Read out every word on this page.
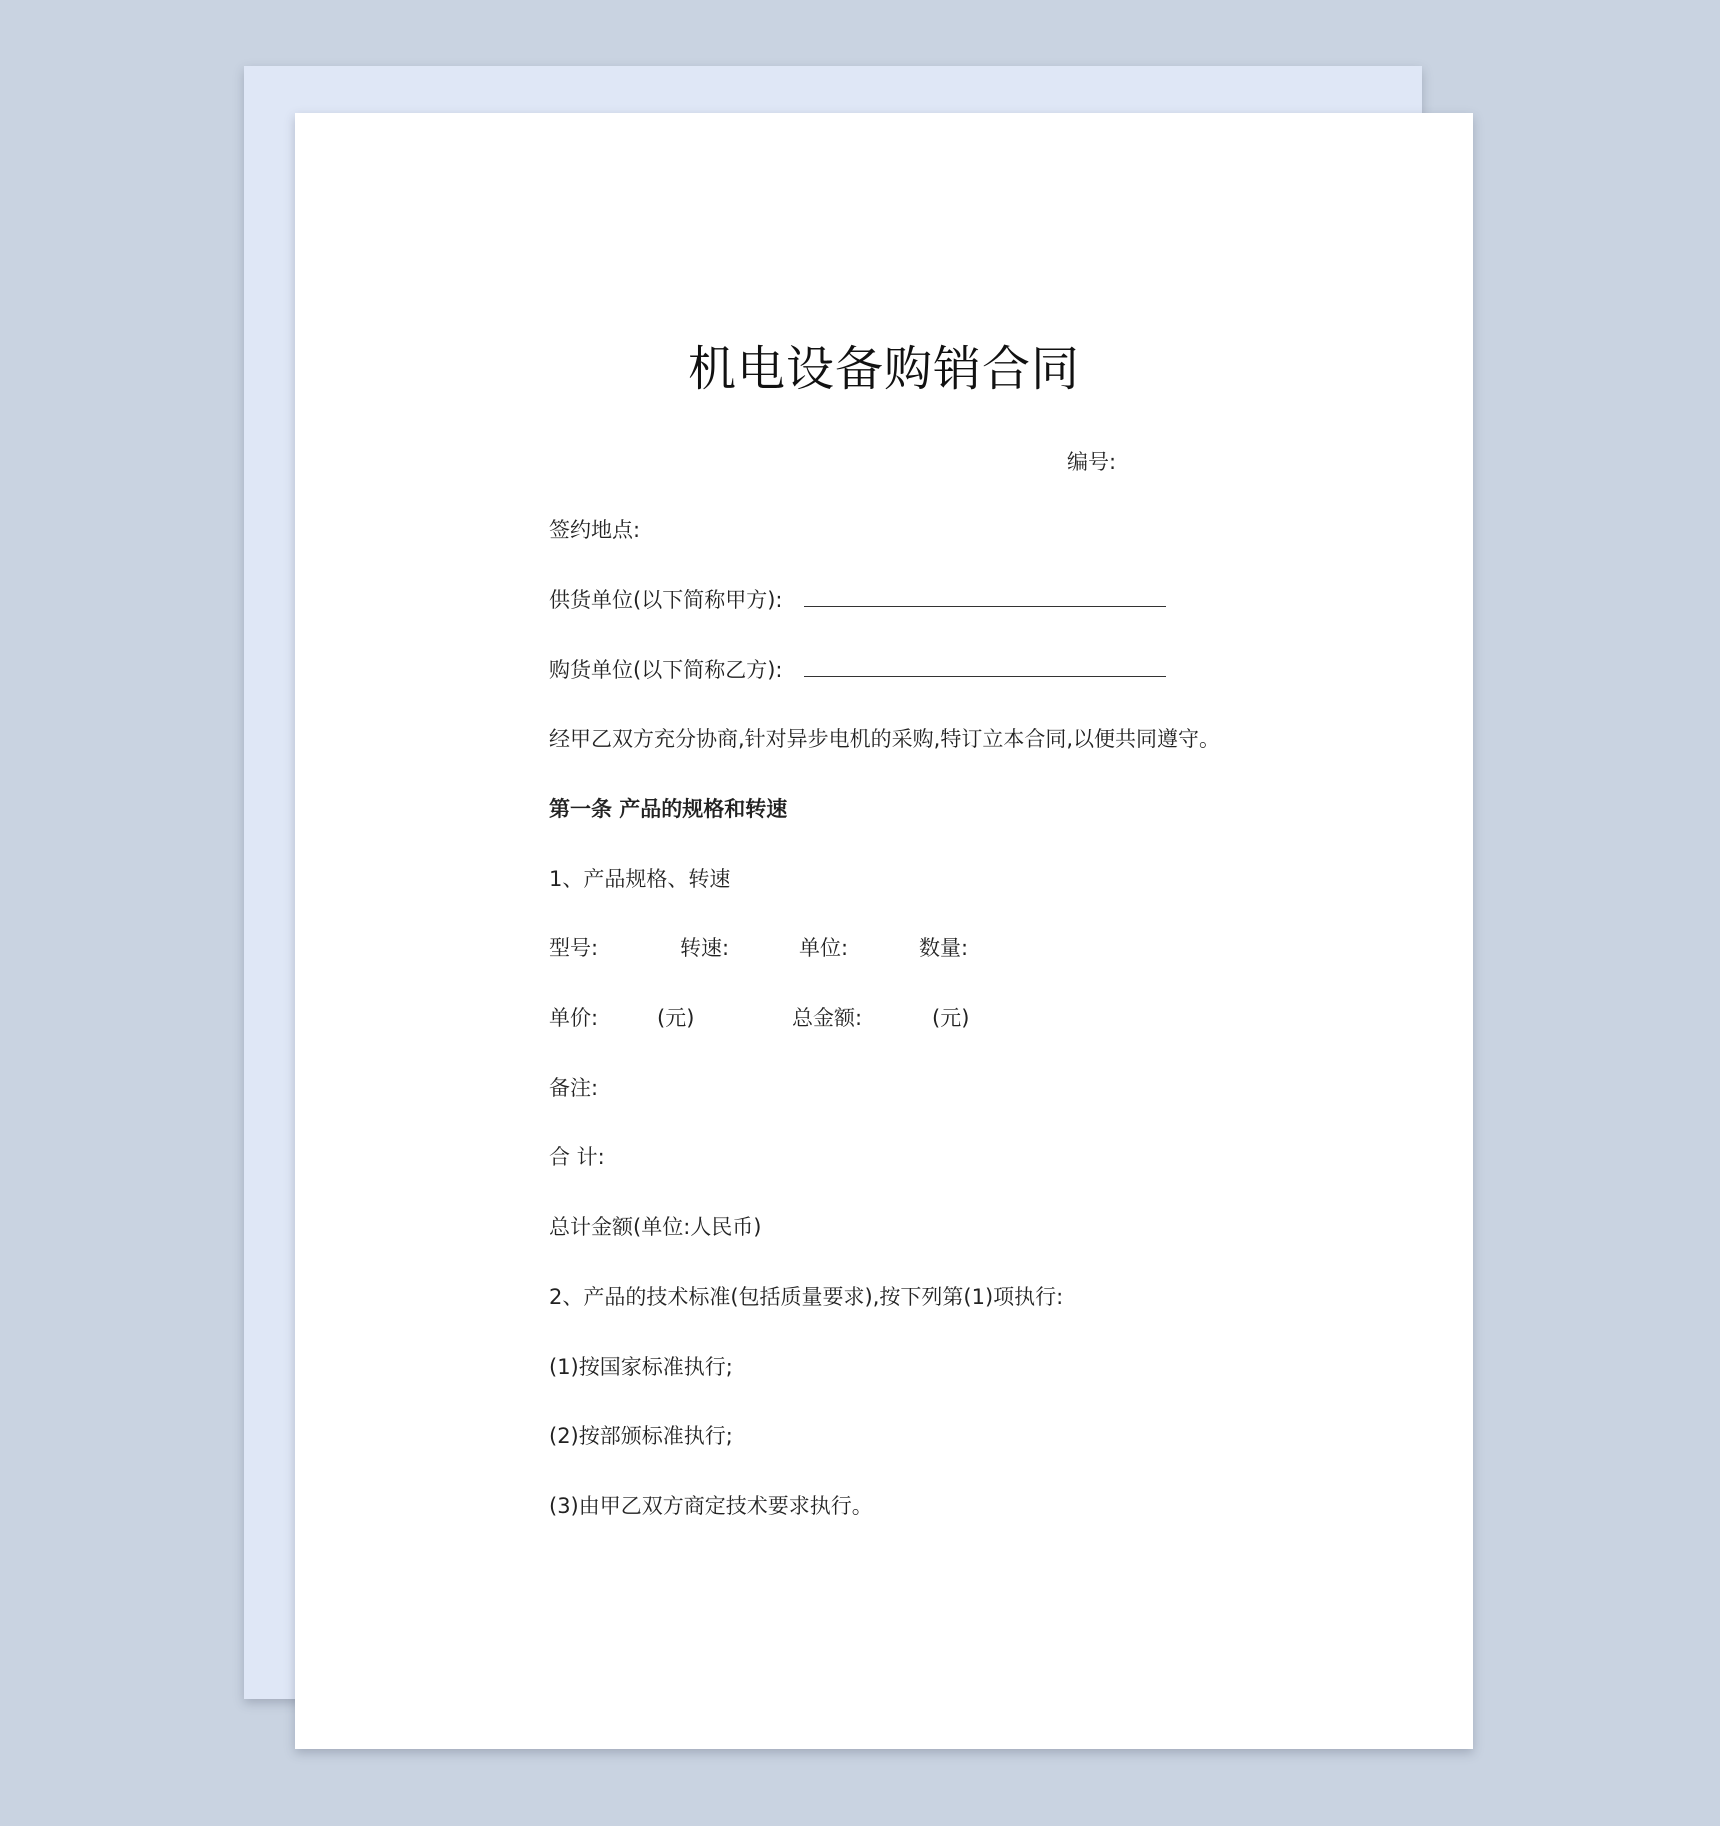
机电设备购销合同
编号:
签约地点:
供货单位(以下简称甲方):
购货单位(以下简称乙方):
经甲乙双方充分协商,针对异步电机的采购,特订立本合同,以便共同遵守。
第一条 产品的规格和转速
1、产品规格、转速
型号:	转速:	单位:	数量:
单价:	(元)	总金额:	(元)
备注:
合 计:
总计金额(单位:人民币)
2、产品的技术标准(包括质量要求),按下列第(1)项执行:
(1)按国家标准执行;
(2)按部颁标准执行;
(3)由甲乙双方商定技术要求执行。
